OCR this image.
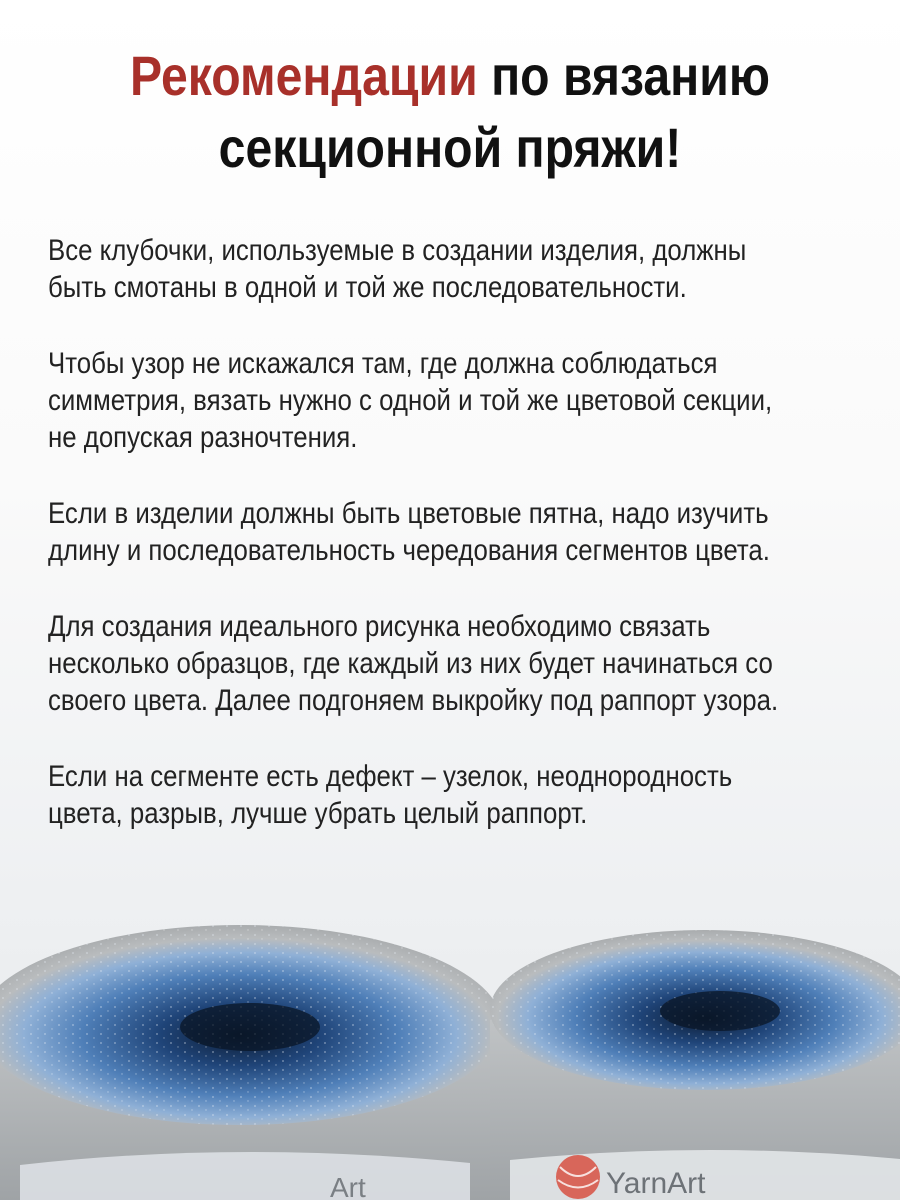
Рекомендации по вязанию
секционной пряжи!

Все клубочки, используемые в создании изделия, должны
быть смотаны в одной и той же последовательности.

Чтобы узор не искажался там, где должна соблюдаться
симметрия, вязать нужно с одной и той же цветовой секции,
не допуская разночтения.

Если в изделии должны быть цветовые пятна, надо изучить
длину и последовательность чередования сегментов цвета.

Для создания идеального рисунка необходимо связать
несколько образцов, где каждый из них будет начинаться со
своего цвета. Далее подгоняем выкройку под раппорт узора.

Если на сегменте есть дефект – узелок, неоднородность
цвета, разрыв, лучше убрать целый раппорт.

Art	YarnArt
